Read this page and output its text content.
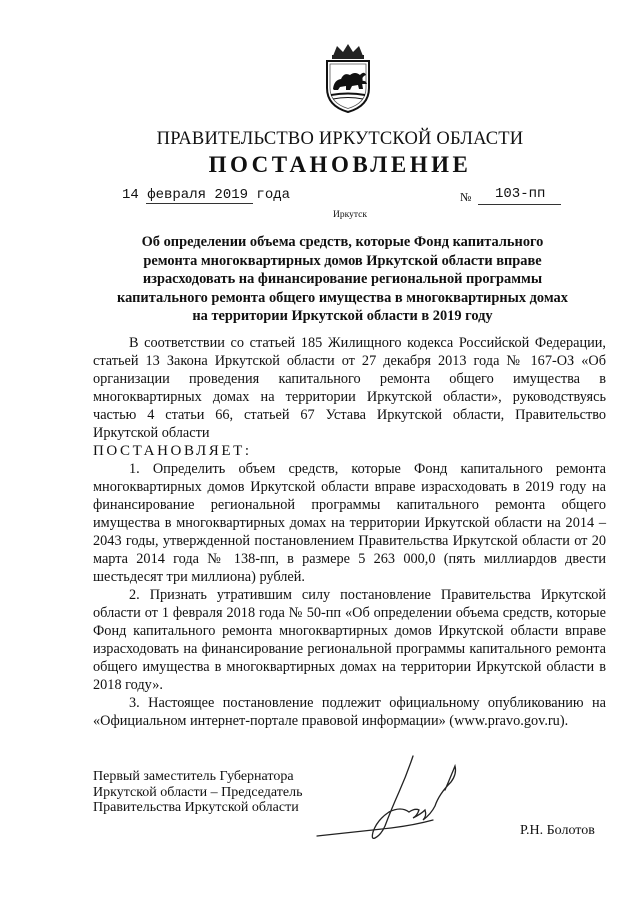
ПРАВИТЕЛЬСТВО ИРКУТСКОЙ ОБЛАСТИ
ПОСТАНОВЛЕНИЕ
14 февраля 2019 года	№ 103-пп
Иркутск
Об определении объема средств, которые Фонд капитального
ремонта многоквартирных домов Иркутской области вправе
израсходовать на финансирование региональной программы
капитального ремонта общего имущества в многоквартирных домах
на территории Иркутской области в 2019 году

В соответствии со статьей 185 Жилищного кодекса Российской Федерации, статьей 13 Закона Иркутской области от 27 декабря 2013 года № 167-ОЗ «Об организации проведения капитального ремонта общего имущества в многоквартирных домах на территории Иркутской области», руководствуясь частью 4 статьи 66, статьей 67 Устава Иркутской области, Правительство Иркутской области

ПОСТАНОВЛЯЕТ:

1. Определить объем средств, которые Фонд капитального ремонта многоквартирных домов Иркутской области вправе израсходовать в 2019 году на финансирование региональной программы капитального ремонта общего имущества в многоквартирных домах на территории Иркутской области на 2014 – 2043 годы, утвержденной постановлением Правительства Иркутской области от 20 марта 2014 года № 138-пп, в размере 5 263 000,0 (пять миллиардов двести шестьдесят три миллиона) рублей.

2. Признать утратившим силу постановление Правительства Иркутской области от 1 февраля 2018 года № 50-пп «Об определении объема средств, которые Фонд капитального ремонта многоквартирных домов Иркутской области вправе израсходовать на финансирование региональной программы капитального ремонта общего имущества в многоквартирных домах на территории Иркутской области в 2018 году».

3. Настоящее постановление подлежит официальному опубликованию на «Официальном интернет-портале правовой информации» (www.pravo.gov.ru).

Первый заместитель Губернатора
Иркутской области – Председатель
Правительства Иркутской области
Р.Н. Болотов
